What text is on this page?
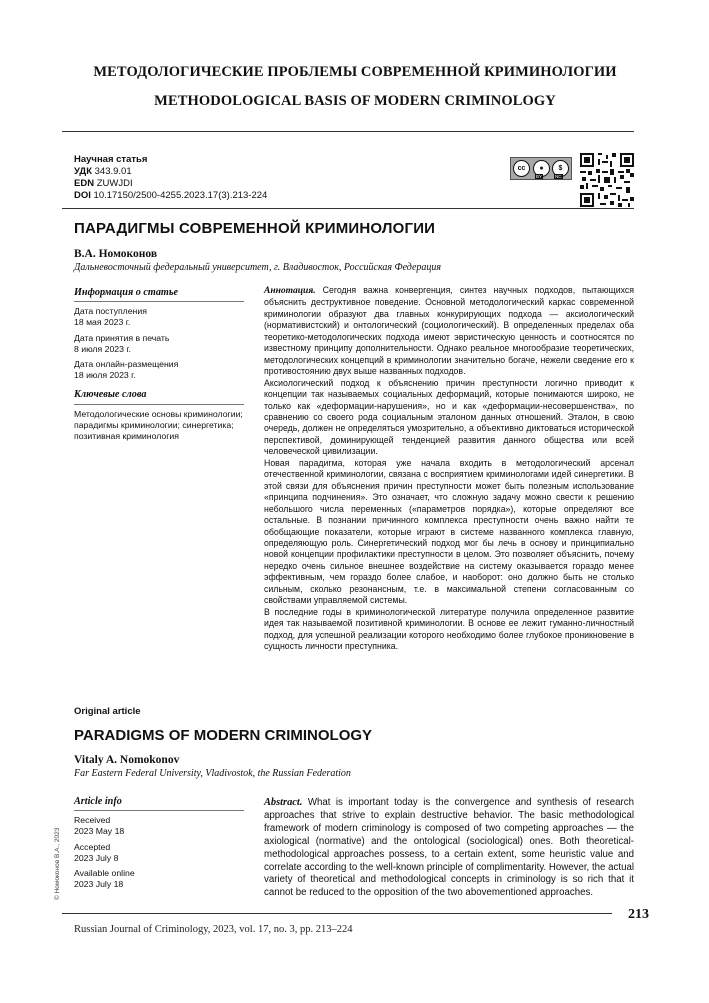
МЕТОДОЛОГИЧЕСКИЕ ПРОБЛЕМЫ СОВРЕМЕННОЙ КРИМИНОЛОГИИ
METHODOLOGICAL BASIS OF MODERN CRIMINOLOGY
Научная статья
УДК 343.9.01
EDN ZUWJDI
DOI 10.17150/2500-4255.2023.17(3).213-224
cc	●	$
BY	NC
ПАРАДИГМЫ СОВРЕМЕННОЙ КРИМИНОЛОГИИ
В.А. Номоконов
Дальневосточный федеральный университет, г. Владивосток, Российская Федерация
Информация о статье
Дата поступления
18 мая 2023 г.
Дата принятия в печать
8 июля 2023 г.
Дата онлайн-размещения
18 июля 2023 г.
Ключевые слова
Методологические основы криминологии; парадигмы криминологии; синергетика; позитивная криминология

Аннотация. Сегодня важна конвергенция, синтез научных подходов, пытающихся объяснить деструктивное поведение. Основной методологический каркас современной криминологии образуют два главных конкурирующих подхода — аксиологический (нормативистский) и онтологический (социологический). В определенных пределах оба теоретико-методологических подхода имеют эвристическую ценность и соотносятся по известному принципу дополнительности. Однако реальное многообразие теоретических, методологических концепций в криминологии значительно богаче, нежели сведение его к противостоянию двух выше названных подходов.

Аксиологический подход к объяснению причин преступности логично приводит к концепции так называемых социальных деформаций, которые понимаются широко, не только как «деформации-нарушения», но и как «деформации-несовершенства», по сравнению со своего рода социальным эталоном данных отношений. Эталон, в свою очередь, должен не определяться умозрительно, а объективно диктоваться исторической перспективой, доминирующей тенденцией развития данного общества или всей человеческой цивилизации.

Новая парадигма, которая уже начала входить в методологический арсенал отечественной криминологии, связана с восприятием криминологами идей синергетики. В этой связи для объяснения причин преступности может быть полезным использование «принципа подчинения». Это означает, что сложную задачу можно свести к решению небольшого числа переменных («параметров порядка»), которые определяют все остальные. В познании причинного комплекса преступности очень важно найти те обобщающие показатели, которые играют в системе названного комплекса главную, определяющую роль. Синергетический подход мог бы лечь в основу и принципиально новой концепции профилактики преступности в целом. Это позволяет объяснить, почему нередко очень сильное внешнее воздействие на систему оказывается гораздо менее эффективным, чем гораздо более слабое, и наоборот: оно должно быть не столько сильным, сколько резонансным, т.е. в максимальной степени согласованным со свойствами управляемой системы.

В последние годы в криминологической литературе получила определенное развитие идея так называемой позитивной криминологии. В основе ее лежит гуманно-личностный подход, для успешной реализации которого необходимо более глубокое проникновение в сущность личности преступника.

Original article
PARADIGMS OF MODERN CRIMINOLOGY
Vitaly A. Nomokonov
Far Eastern Federal University, Vladivostok, the Russian Federation
Article info
Received
2023 May 18
Accepted
2023 July 8
Available online
2023 July 18
Abstract. What is important today is the convergence and synthesis of research approaches that strive to explain destructive behavior. The basic methodological framework of modern criminology is composed of two competing approaches — the axiological (normative) and the ontological (sociological) ones. Both theoretical-methodological approaches possess, to a certain extent, some heuristic value and correlate according to the well-known principle of complimentarity. However, the actual variety of theoretical and methodological concepts in criminology is so rich that it cannot be reduced to the opposition of the two abovementioned approaches.
© Номоконов В.А., 2023
Russian Journal of Criminology, 2023, vol. 17, no. 3, pp. 213–224
213
